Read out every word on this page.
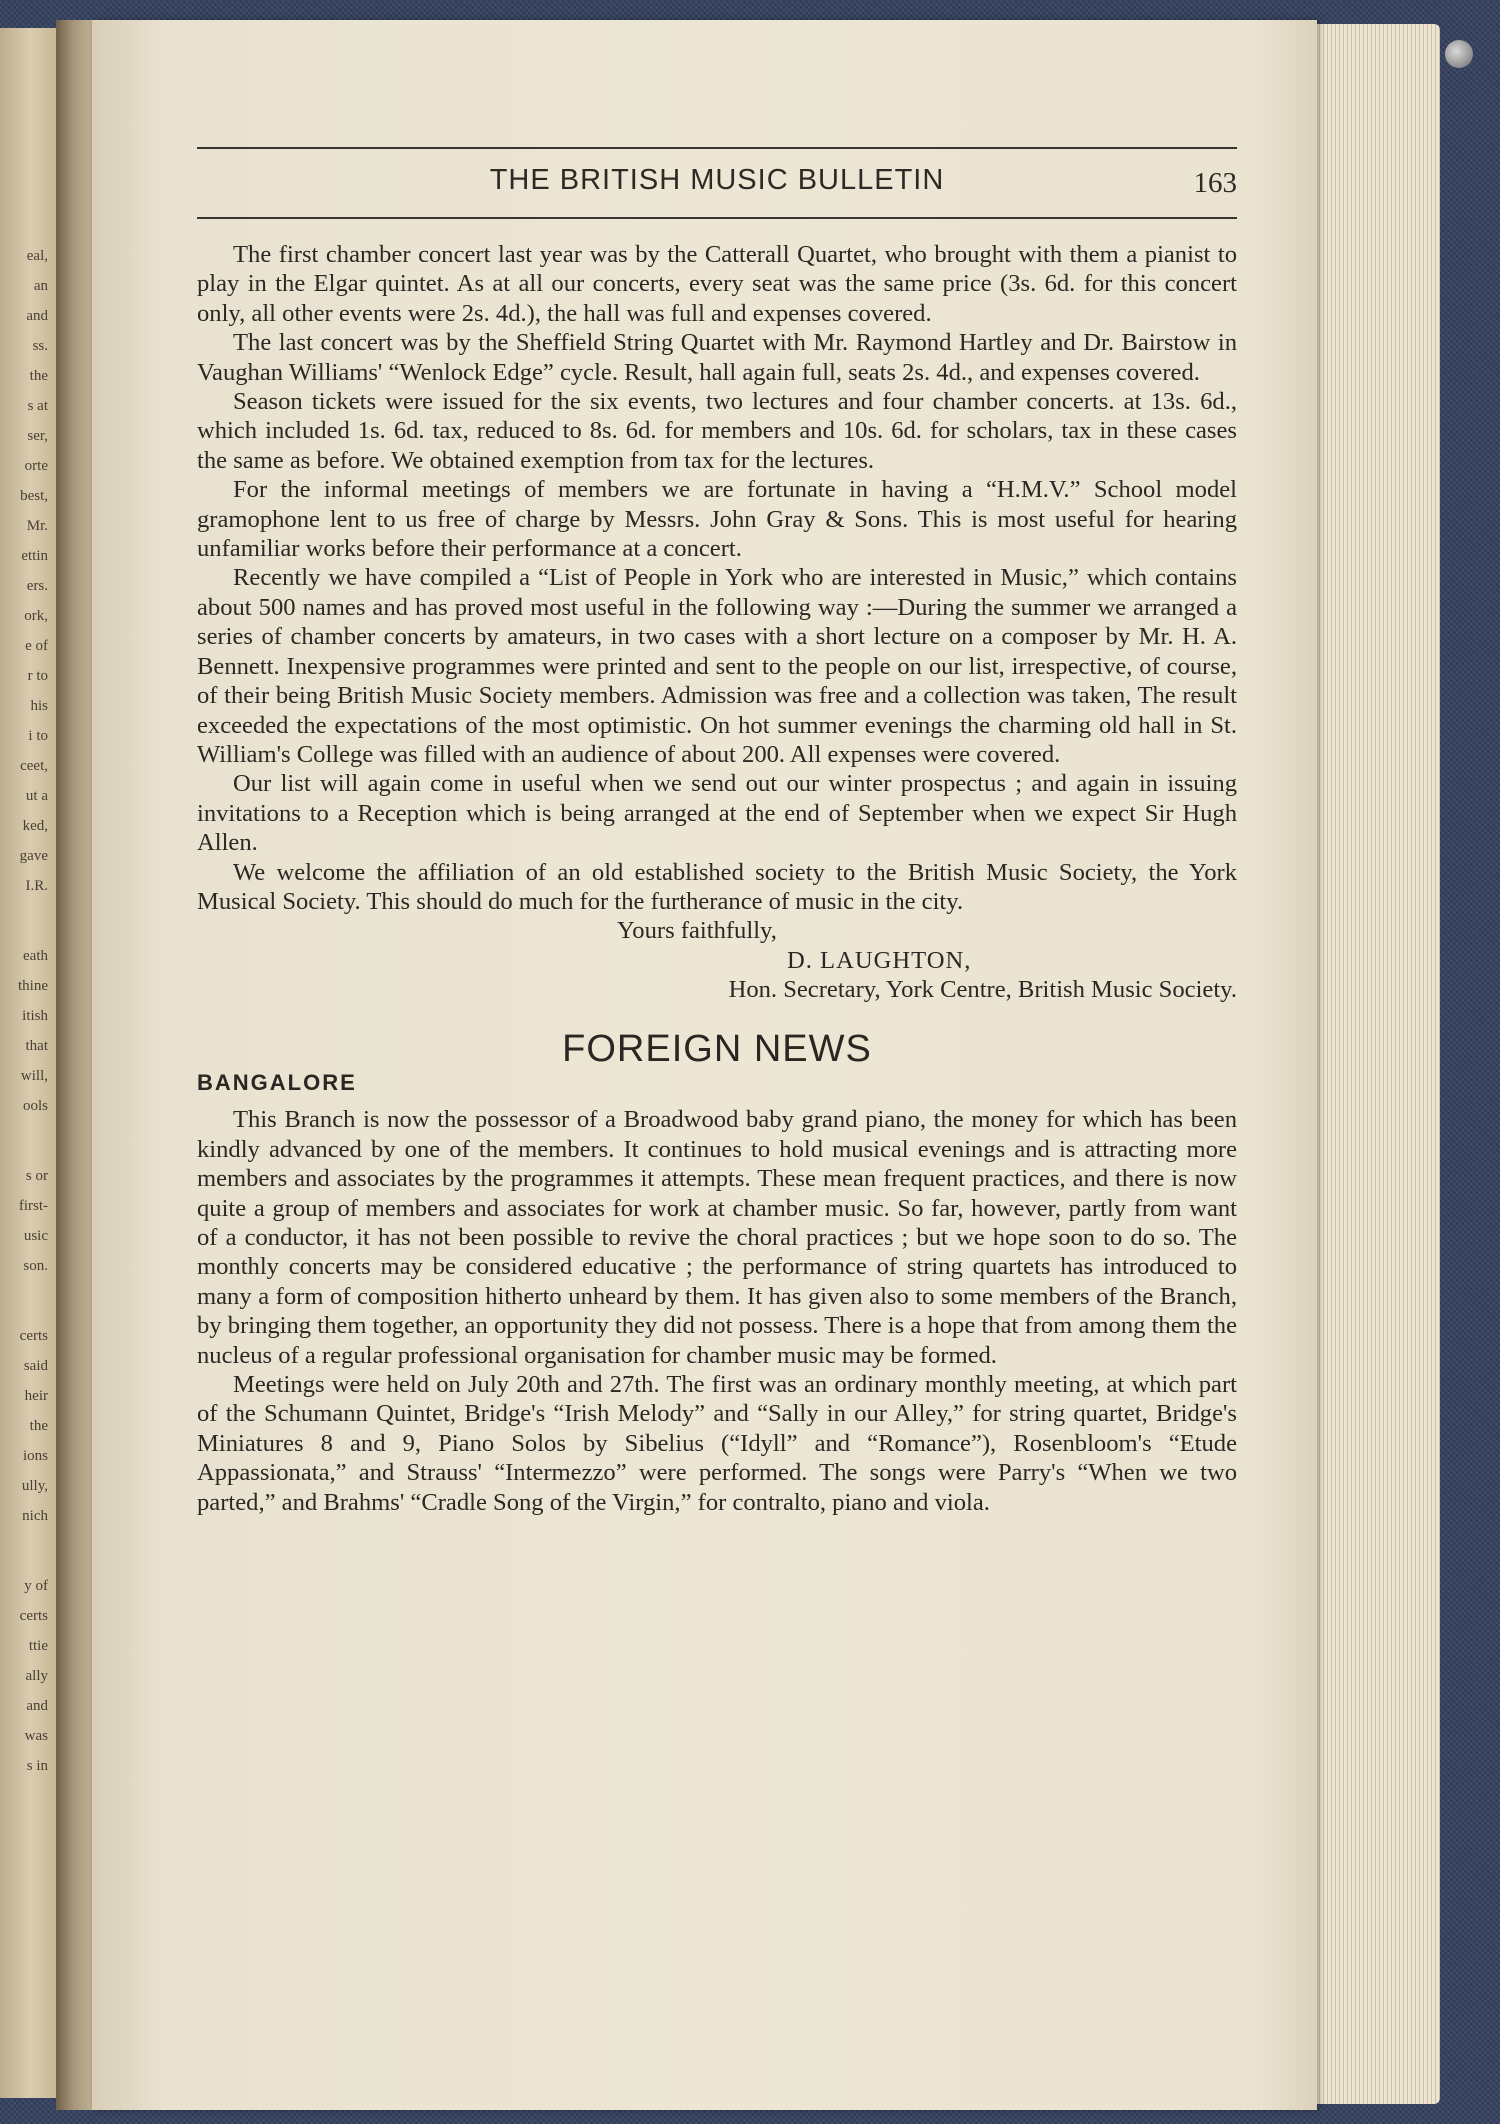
eal,
an
and
ss.
the
s at
ser,
orte
best,
Mr.
ettin
ers.
ork,
e of
r to
his
i to
ceet,
ut a
ked,
gave
I.R.
eath
thine
itish
that
will,
ools
s or
first-
usic
son.
certs
said
heir
the
ions
ully,
nich
y of
certs
ttie
ally
and
was
s in
THE BRITISH MUSIC BULLETIN	163

The first chamber concert last year was by the Catterall Quartet, who brought with them a pianist to play in the Elgar quintet. As at all our concerts, every seat was the same price (3s. 6d. for this concert only, all other events were 2s. 4d.), the hall was full and expenses covered.

The last concert was by the Sheffield String Quartet with Mr. Raymond Hartley and Dr. Bairstow in Vaughan Williams' “Wenlock Edge” cycle. Result, hall again full, seats 2s. 4d., and expenses covered.

Season tickets were issued for the six events, two lectures and four chamber concerts. at 13s. 6d., which included 1s. 6d. tax, reduced to 8s. 6d. for members and 10s. 6d. for scholars, tax in these cases the same as before. We obtained exemption from tax for the lectures.

For the informal meetings of members we are fortunate in having a “H.M.V.” School model gramophone lent to us free of charge by Messrs. John Gray & Sons. This is most useful for hearing unfamiliar works before their performance at a concert.

Recently we have compiled a “List of People in York who are interested in Music,” which contains about 500 names and has proved most useful in the following way :—During the summer we arranged a series of chamber concerts by amateurs, in two cases with a short lecture on a composer by Mr. H. A. Bennett. Inexpensive programmes were printed and sent to the people on our list, irrespective, of course, of their being British Music Society members. Admission was free and a collection was taken, The result exceeded the expectations of the most optimistic. On hot summer evenings the charming old hall in St. William's College was filled with an audience of about 200. All expenses were covered.

Our list will again come in useful when we send out our winter prospectus ; and again in issuing invitations to a Reception which is being arranged at the end of September when we expect Sir Hugh Allen.

We welcome the affiliation of an old established society to the British Music Society, the York Musical Society. This should do much for the furtherance of music in the city.

Yours faithfully,
D. LAUGHTON,
Hon. Secretary, York Centre, British Music Society.
FOREIGN NEWS
BANGALORE

This Branch is now the possessor of a Broadwood baby grand piano, the money for which has been kindly advanced by one of the members. It continues to hold musical evenings and is attracting more members and associates by the programmes it attempts. These mean frequent practices, and there is now quite a group of members and associates for work at chamber music. So far, however, partly from want of a conductor, it has not been possible to revive the choral practices ; but we hope soon to do so. The monthly concerts may be considered educative ; the performance of string quartets has introduced to many a form of composition hitherto unheard by them. It has given also to some members of the Branch, by bringing them together, an opportunity they did not possess. There is a hope that from among them the nucleus of a regular professional organisation for chamber music may be formed.

Meetings were held on July 20th and 27th. The first was an ordinary monthly meeting, at which part of the Schumann Quintet, Bridge's “Irish Melody” and “Sally in our Alley,” for string quartet, Bridge's Miniatures 8 and 9, Piano Solos by Sibelius (“Idyll” and “Romance”), Rosenbloom's “Etude Appassionata,” and Strauss' “Intermezzo” were performed. The songs were Parry's “When we two parted,” and Brahms' “Cradle Song of the Virgin,” for contralto, piano and viola.
